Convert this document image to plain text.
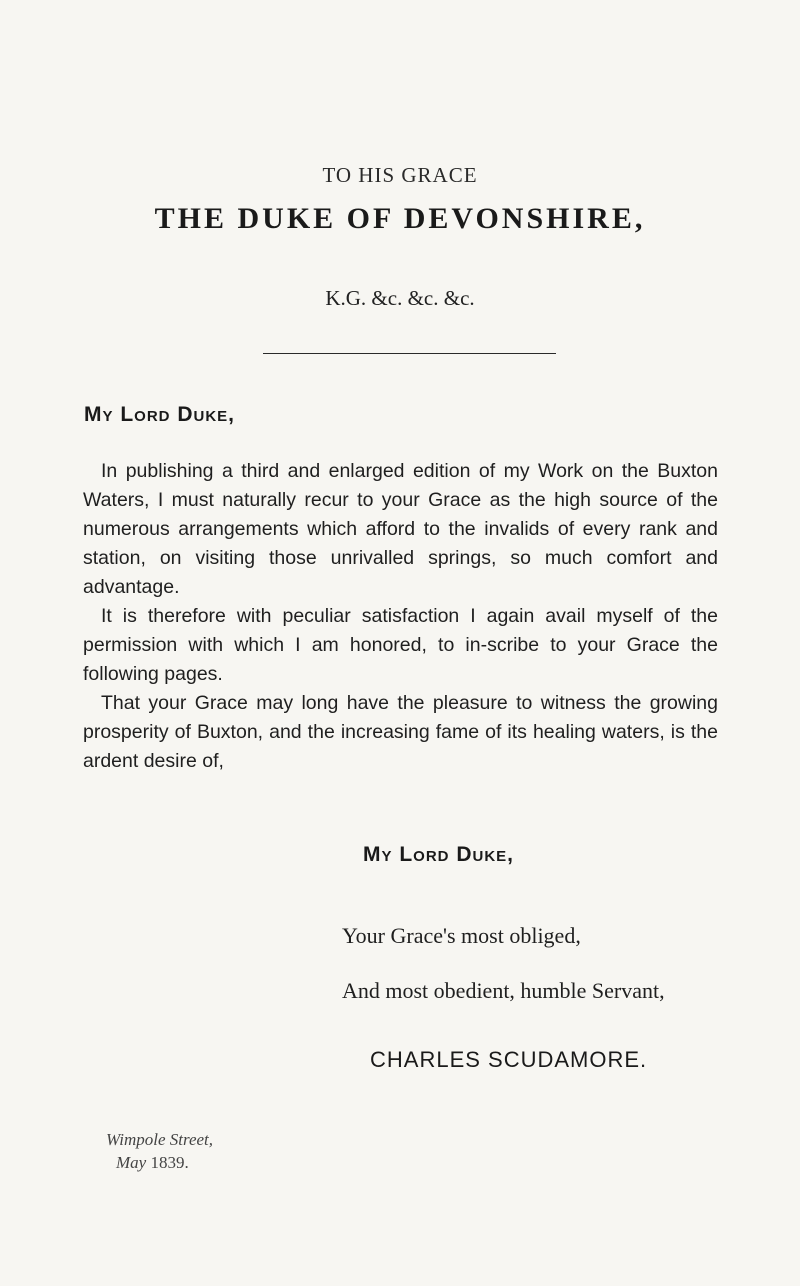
TO HIS GRACE
THE DUKE OF DEVONSHIRE,
K.G. &c. &c. &c.
My Lord Duke,

In publishing a third and enlarged edition of my Work on the Buxton Waters, I must naturally recur to your Grace as the high source of the numerous arrangements which afford to the invalids of every rank and station, on visiting those unrivalled springs, so much comfort and advantage.

It is therefore with peculiar satisfaction I again avail myself of the permission with which I am honored, to in-scribe to your Grace the following pages.

That your Grace may long have the pleasure to witness the growing prosperity of Buxton, and the increasing fame of its healing waters, is the ardent desire of,

My Lord Duke,
Your Grace's most obliged,
And most obedient, humble Servant,
CHARLES SCUDAMORE.
Wimpole Street,
May 1839.
